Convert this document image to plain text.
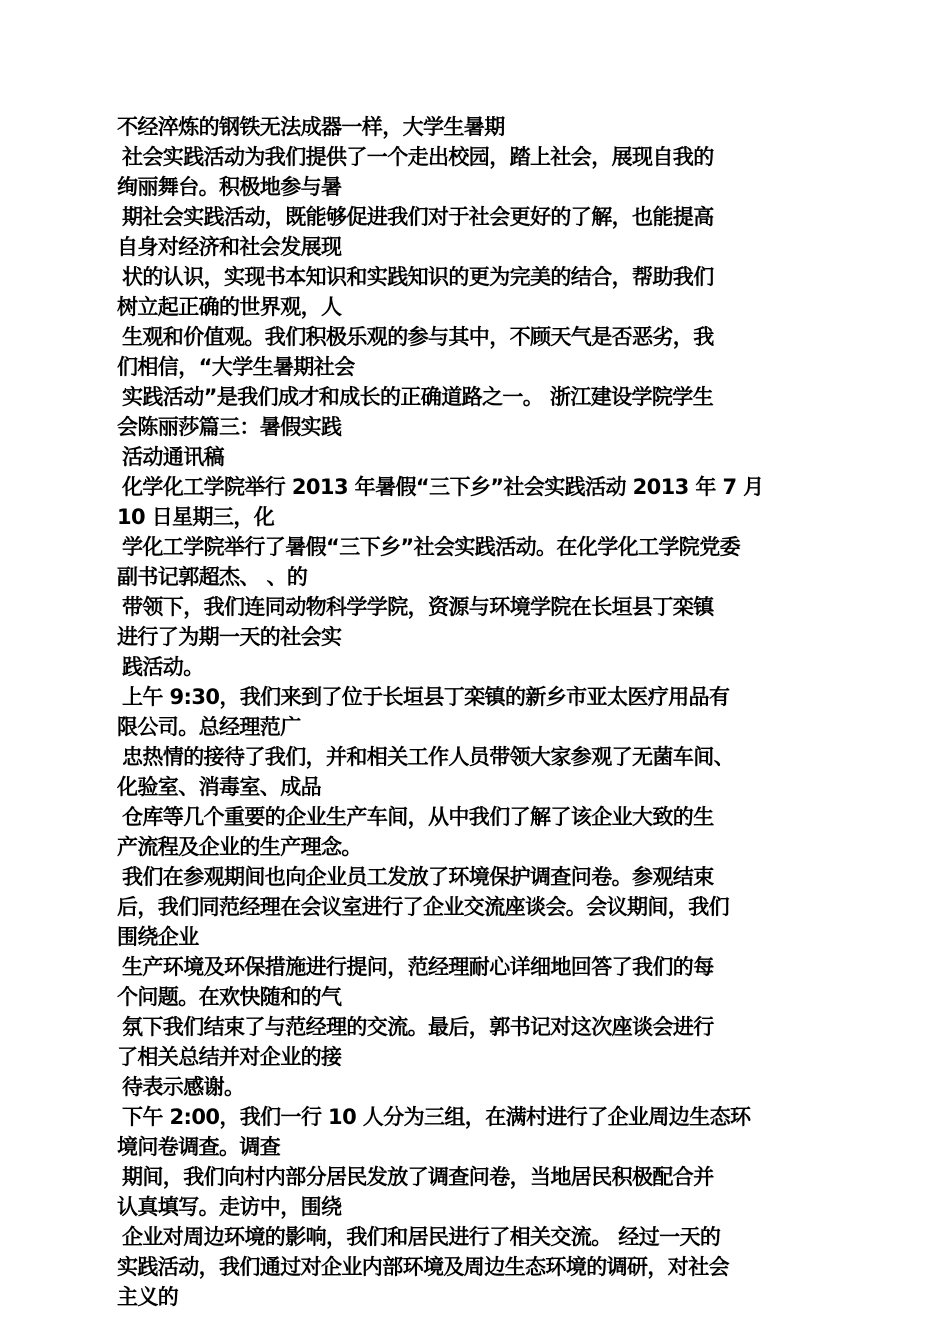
不经淬炼的钢铁无法成器一样，大学生暑期
社会实践活动为我们提供了一个走出校园，踏上社会，展现自我的
绚丽舞台。积极地参与暑
期社会实践活动，既能够促进我们对于社会更好的了解，也能提高
自身对经济和社会发展现
状的认识，实现书本知识和实践知识的更为完美的结合，帮助我们
树立起正确的世界观，人
生观和价值观。我们积极乐观的参与其中，不顾天气是否恶劣，我
们相信，“大学生暑期社会
实践活动”是我们成才和成长的正确道路之一。 浙江建设学院学生
会陈丽莎篇三：暑假实践
活动通讯稿
化学化工学院举行 2013 年暑假“三下乡”社会实践活动 2013 年 7 月
10 日星期三，化
学化工学院举行了暑假“三下乡”社会实践活动。在化学化工学院党委
副书记郭超杰、 、的
带领下，我们连同动物科学学院，资源与环境学院在长垣县丁栾镇
进行了为期一天的社会实
践活动。
上午 9:30，我们来到了位于长垣县丁栾镇的新乡市亚太医疗用品有
限公司。总经理范广
忠热情的接待了我们，并和相关工作人员带领大家参观了无菌车间、
化验室、消毒室、成品
仓库等几个重要的企业生产车间，从中我们了解了该企业大致的生
产流程及企业的生产理念。
我们在参观期间也向企业员工发放了环境保护调查问卷。参观结束
后，我们同范经理在会议室进行了企业交流座谈会。会议期间，我们
围绕企业
生产环境及环保措施进行提问，范经理耐心详细地回答了我们的每
个问题。在欢快随和的气
氛下我们结束了与范经理的交流。最后，郭书记对这次座谈会进行
了相关总结并对企业的接
待表示感谢。
下午 2:00，我们一行 10 人分为三组，在满村进行了企业周边生态环
境问卷调查。调查
期间，我们向村内部分居民发放了调查问卷，当地居民积极配合并
认真填写。走访中，围绕
企业对周边环境的影响，我们和居民进行了相关交流。 经过一天的
实践活动，我们通过对企业内部环境及周边生态环境的调研，对社会
主义的
